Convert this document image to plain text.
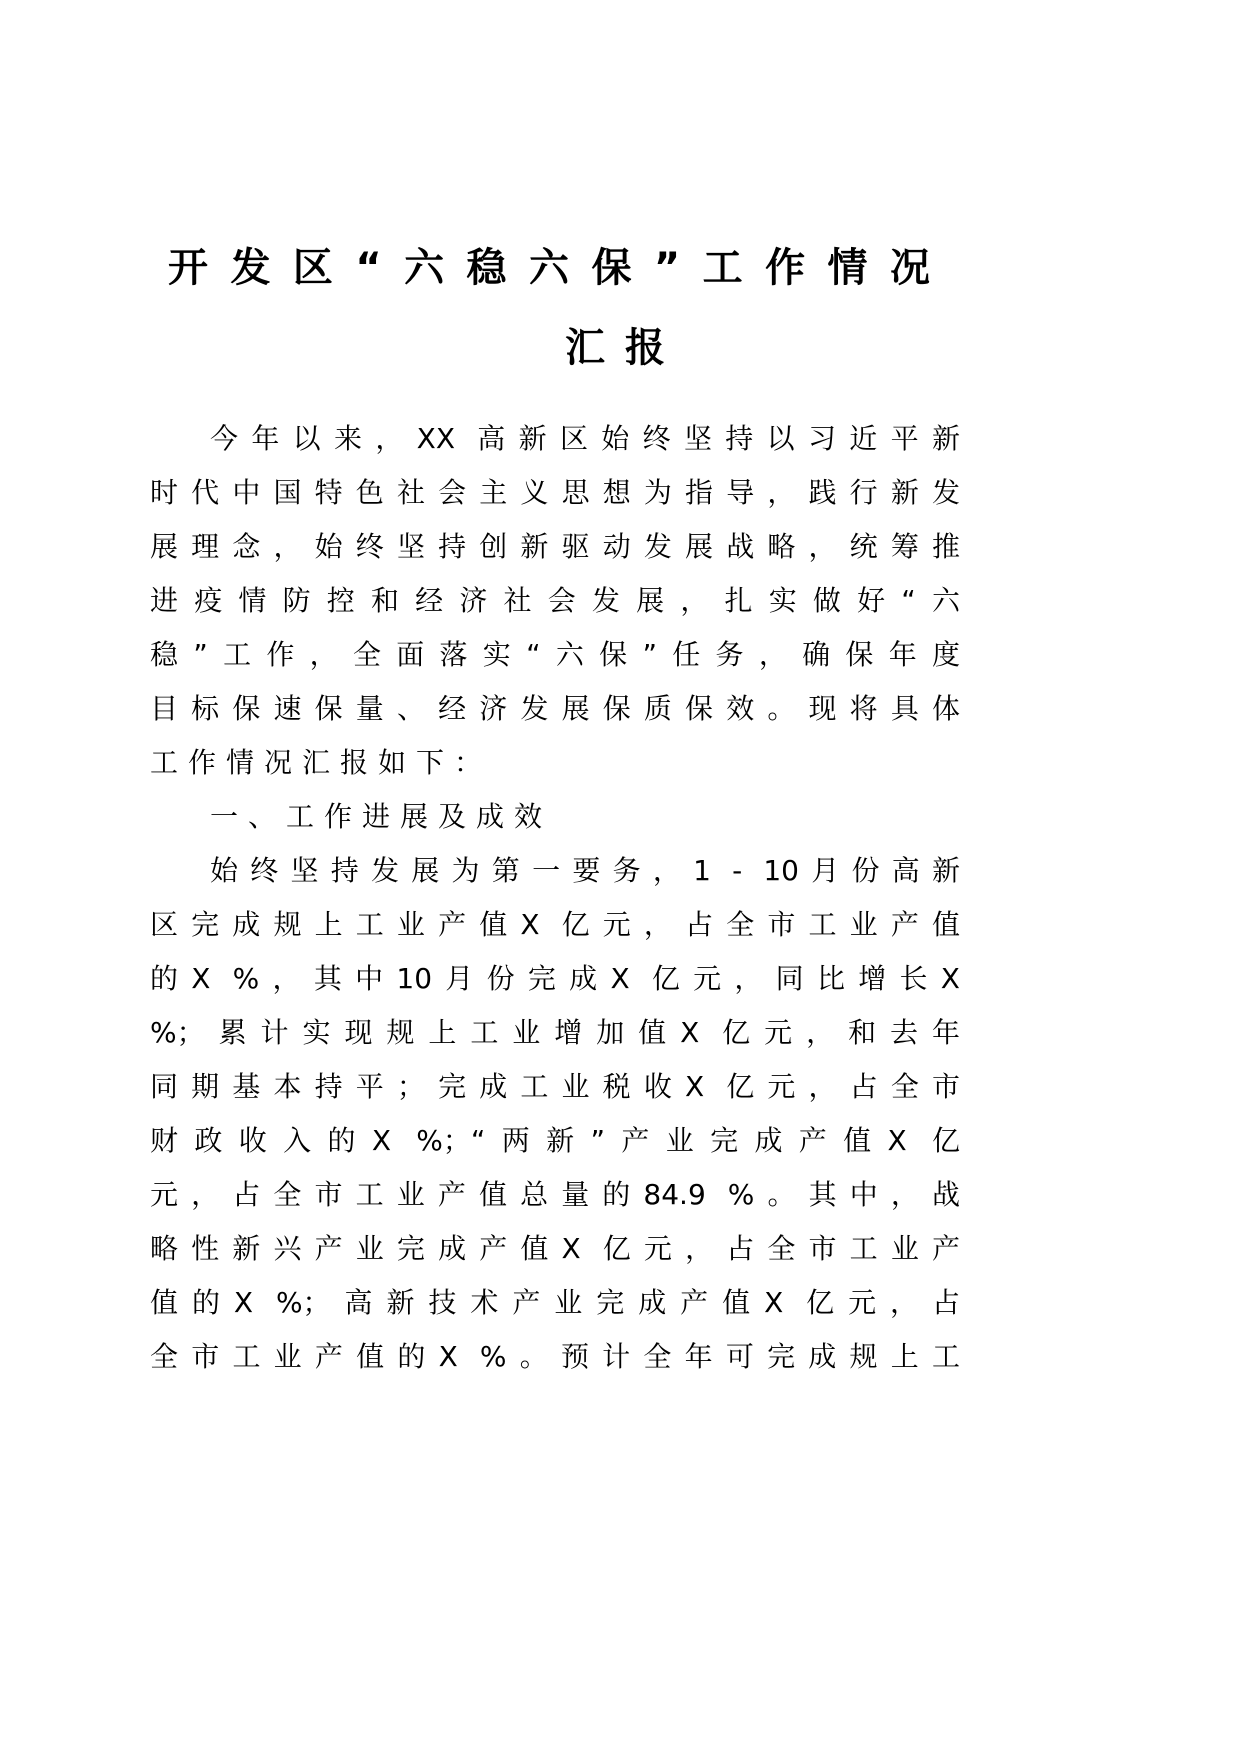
开发区“六稳六保”工作情况
汇报
今年以来，XX 高新区始终坚持以习近平新
时代中国特色社会主义思想为指导，践行新发
展理念，始终坚持创新驱动发展战略，统筹推
进疫情防控和经济社会发展，扎实做好“六
稳”工作，全面落实“六保”任务，确保年度
目标保速保量、经济发展保质保效。现将具体
工作情况汇报如下：
一、工作进展及成效
始终坚持发展为第一要务，1 - 10月份高新
区完成规上工业产值X 亿元，占全市工业产值
的X %，其中10月份完成X 亿元，同比增长X
%；累计实现规上工业增加值X 亿元，和去年
同期基本持平；完成工业税收X 亿元，占全市
财政收入的X %；“两新”产业完成产值X 亿
元，占全市工业产值总量的84.9 %。其中，战
略性新兴产业完成产值X 亿元，占全市工业产
值的X %；高新技术产业完成产值X 亿元，占
全市工业产值的X %。预计全年可完成规上工
